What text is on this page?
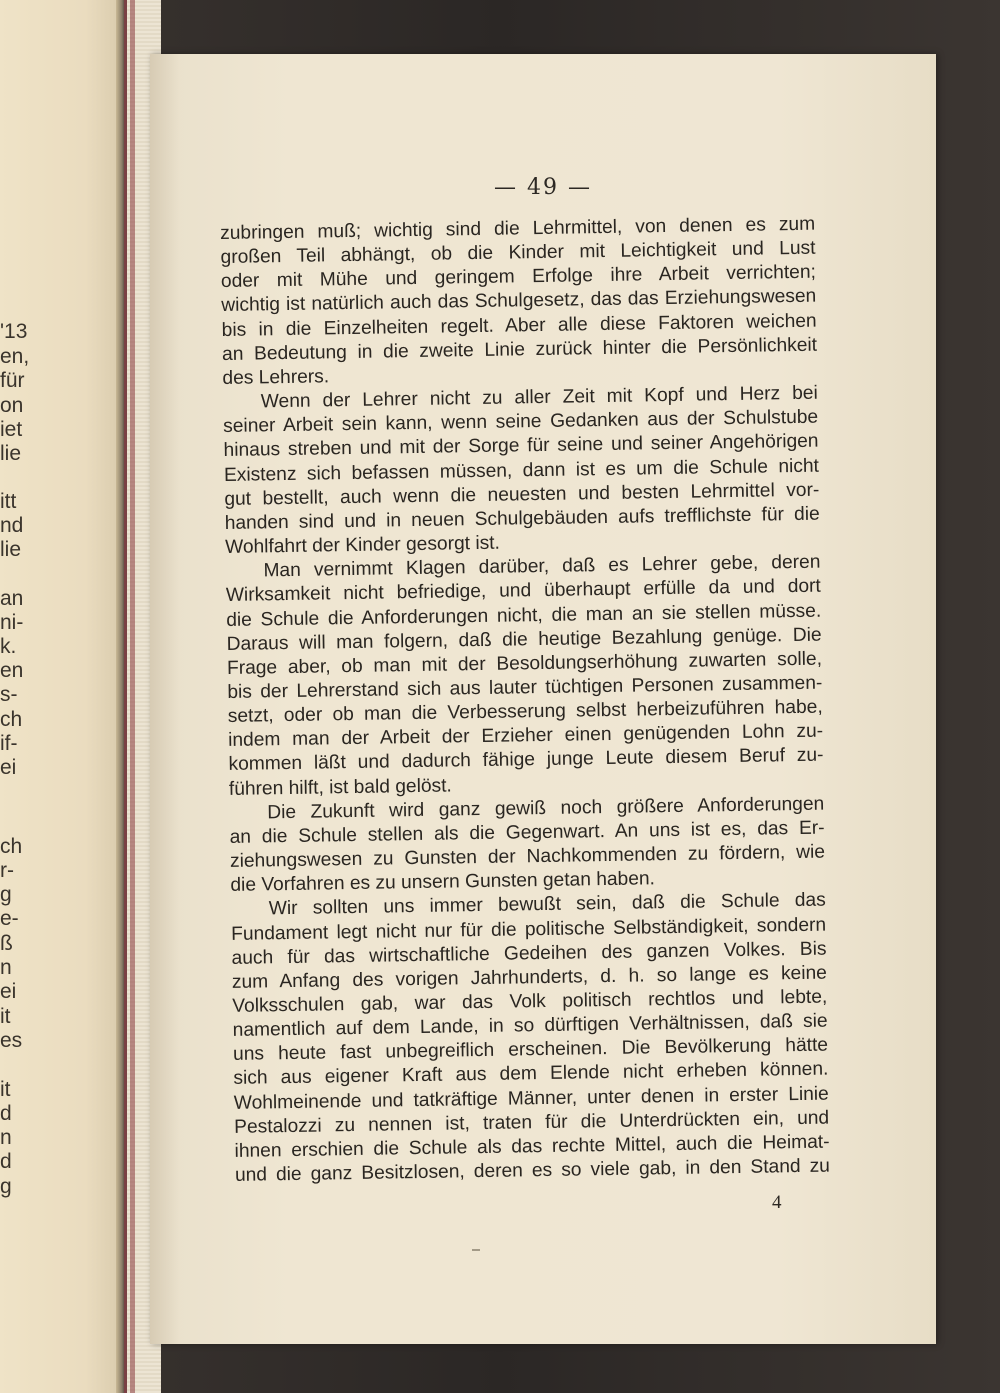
'13
en,
für
on
iet
lie
itt
nd
lie
an
ni-
k.
en
s-
ch
if-
ei
ch
r-
g
e-
ß
n
ei
it
es
it
d
n
d
g
— 49 —

zubringen muß; wichtig sind die Lehrmittel, von denen es zum

großen Teil abhängt, ob die Kinder mit Leichtigkeit und Lust

oder mit Mühe und geringem Erfolge ihre Arbeit verrichten;

wichtig ist natürlich auch das Schulgesetz, das das Erziehungswesen

bis in die Einzelheiten regelt. Aber alle diese Faktoren weichen

an Bedeutung in die zweite Linie zurück hinter die Persönlichkeit

des Lehrers.

Wenn der Lehrer nicht zu aller Zeit mit Kopf und Herz bei

seiner Arbeit sein kann, wenn seine Gedanken aus der Schulstube

hinaus streben und mit der Sorge für seine und seiner Angehörigen

Existenz sich befassen müssen, dann ist es um die Schule nicht

gut bestellt, auch wenn die neuesten und besten Lehrmittel vor-

handen sind und in neuen Schulgebäuden aufs trefflichste für die

Wohlfahrt der Kinder gesorgt ist.

Man vernimmt Klagen darüber, daß es Lehrer gebe, deren

Wirksamkeit nicht befriedige, und überhaupt erfülle da und dort

die Schule die Anforderungen nicht, die man an sie stellen müsse.

Daraus will man folgern, daß die heutige Bezahlung genüge. Die

Frage aber, ob man mit der Besoldungserhöhung zuwarten solle,

bis der Lehrerstand sich aus lauter tüchtigen Personen zusammen-

setzt, oder ob man die Verbesserung selbst herbeizuführen habe,

indem man der Arbeit der Erzieher einen genügenden Lohn zu-

kommen läßt und dadurch fähige junge Leute diesem Beruf zu-

führen hilft, ist bald gelöst.

Die Zukunft wird ganz gewiß noch größere Anforderungen

an die Schule stellen als die Gegenwart. An uns ist es, das Er-

ziehungswesen zu Gunsten der Nachkommenden zu fördern, wie

die Vorfahren es zu unsern Gunsten getan haben.

Wir sollten uns immer bewußt sein, daß die Schule das

Fundament legt nicht nur für die politische Selbständigkeit, sondern

auch für das wirtschaftliche Gedeihen des ganzen Volkes. Bis

zum Anfang des vorigen Jahrhunderts, d. h. so lange es keine

Volksschulen gab, war das Volk politisch rechtlos und lebte,

namentlich auf dem Lande, in so dürftigen Verhältnissen, daß sie

uns heute fast unbegreiflich erscheinen. Die Bevölkerung hätte

sich aus eigener Kraft aus dem Elende nicht erheben können.

Wohlmeinende und tatkräftige Männer, unter denen in erster Linie

Pestalozzi zu nennen ist, traten für die Unterdrückten ein, und

ihnen erschien die Schule als das rechte Mittel, auch die Heimat-

und die ganz Besitzlosen, deren es so viele gab, in den Stand zu

4
